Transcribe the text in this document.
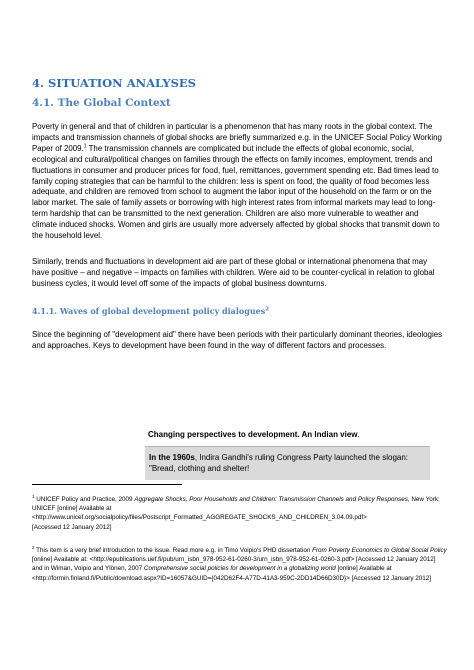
4. SITUATION ANALYSES
4.1. The Global Context

Poverty in general and that of children in particular is a phenomenon that has many roots in the global context. The impacts and transmission channels of global shocks are briefly summarized e.g. in the UNICEF Social Policy Working Paper of 2009.$^1$ The transmission channels are complicated but include the effects of global economic, social, ecological and cultural/political changes on families through the effects on family incomes, employment, trends and fluctuations in consumer and producer prices for food, fuel, remittances, government spending etc. Bad times lead to family coping strategies that can be harmful to the children: less is spent on food, the quality of food becomes less adequate, and children are removed from school to augment the labor input of the household on the farm or on the labor market. The sale of family assets or borrowing with high interest rates from informal markets may lead to long-term hardship that can be transmitted to the next generation. Children are also more vulnerable to weather and climate induced shocks. Women and girls are usually more adversely affected by global shocks that transmit down to the household level.

Similarly, trends and fluctuations in development aid are part of these global or international phenomena that may have positive – and negative – impacts on families with children. Were aid to be counter-cyclical in relation to global business cycles, it would level off some of the impacts of global business downturns.

4.1.1. Waves of global development policy dialogues$^2$

Since the beginning of "development aid" there have been periods with their particularly dominant theories, ideologies and approaches. Keys to development have been found in the way of different factors and processes.

Changing perspectives to development. An Indian view.

In the 1960s, Indira Gandhi's ruling Congress Party launched the slogan: "Bread, clothing and shelter!

$^1$ UNICEF Policy and Practice, 2009 Aggregate Shocks, Poor Households and Children: Transmission Channels and Policy Responses, New York: UNICEF [online] Available at
<http://www.unicef.org/socialpolicy/files/Postscript_Formatted_AGGREGATE_SHOCKS_AND_CHILDREN_3.04.09.pdf>
[Accessed 12 January 2012]

$^2$ This item is a very brief introduction to the issue. Read more e.g. in Timo Voipio's PHD dissertation From Poverty Economics to Global Social Policy [online] Available at: <http://epublications.uef.fi/pub/urn_isbn_978-952-61-0260-3/urn_isbn_978-952-61-0260-3.pdf> [Accessed 12 January 2012]
and in Wiman, Voipio and Ylönen, 2007 Comprehensive social policies for development in a globalizing world [online] Available at <http://formin.finland.fi/Public/download.aspx?ID=16057&GUID={042D62F4-A77D-41A3-959C-2DD14D66D30D}> [Accessed 12 January 2012]
